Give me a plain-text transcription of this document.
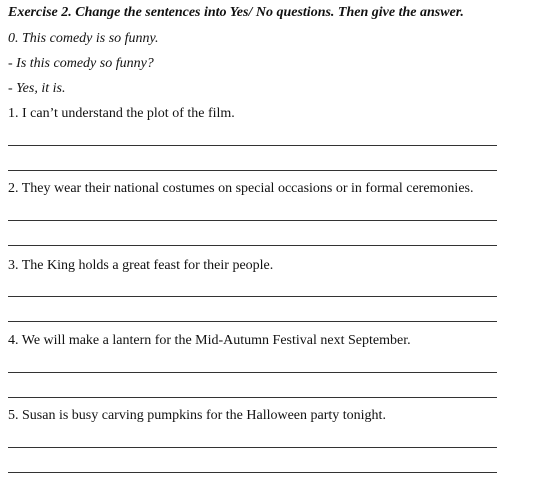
Exercise 2. Change the sentences into Yes/ No questions. Then give the answer.
0. This comedy is so funny.
- Is this comedy so funny?
- Yes, it is.
1. I can’t understand the plot of the film.
2. They wear their national costumes on special occasions or in formal ceremonies.
3. The King holds a great feast for their people.
4. We will make a lantern for the Mid-Autumn Festival next September.
5. Susan is busy carving pumpkins for the Halloween party tonight.
